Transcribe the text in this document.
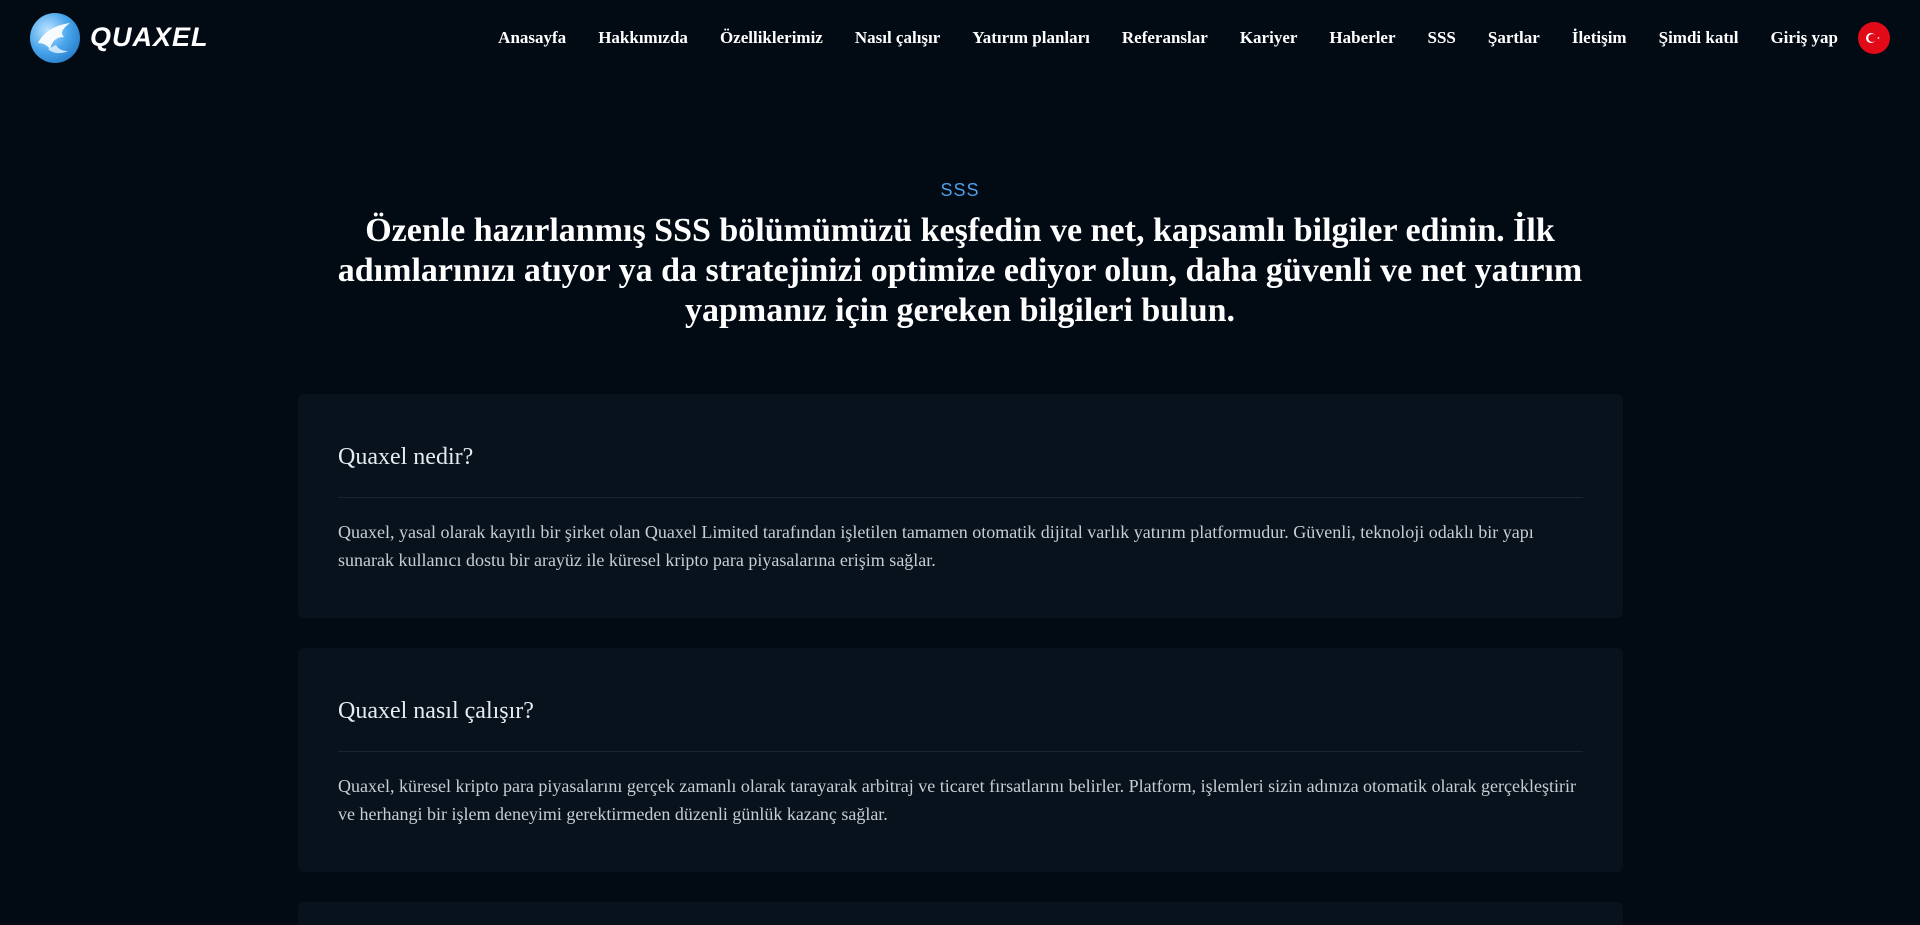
QUAXEL	Anasayfa Hakkımızda Özelliklerimiz Nasıl çalışır Yatırım planları Referanslar Kariyer Haberler SSS Şartlar İletişim Şimdi katıl Giriş yap
SSS
Özenle hazırlanmış SSS bölümümüzü keşfedin ve net, kapsamlı bilgiler edinin. İlk adımlarınızı atıyor ya da stratejinizi optimize ediyor olun, daha güvenli ve net yatırım yapmanız için gereken bilgileri bulun.
Quaxel nedir?
Quaxel, yasal olarak kayıtlı bir şirket olan Quaxel Limited tarafından işletilen tamamen otomatik dijital varlık yatırım platformudur. Güvenli, teknoloji odaklı bir yapı sunarak kullanıcı dostu bir arayüz ile küresel kripto para piyasalarına erişim sağlar.
Quaxel nasıl çalışır?
Quaxel, küresel kripto para piyasalarını gerçek zamanlı olarak tarayarak arbitraj ve ticaret fırsatlarını belirler. Platform, işlemleri sizin adınıza otomatik olarak gerçekleştirir ve herhangi bir işlem deneyimi gerektirmeden düzenli günlük kazanç sağlar.
